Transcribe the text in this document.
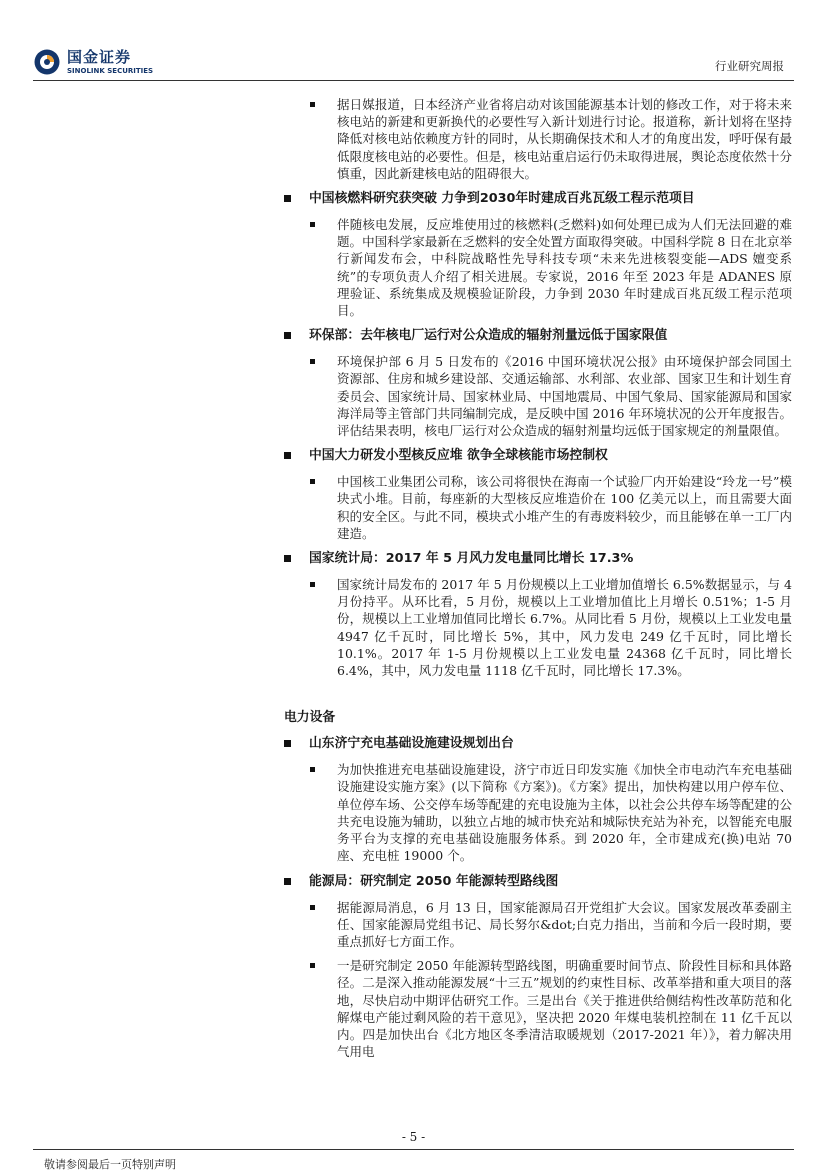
国金证券
SINOLINK SECURITIES	行业研究周报

据日媒报道，日本经济产业省将启动对该国能源基本计划的修改工作，对于将未来核电站的新建和更新换代的必要性写入新计划进行讨论。报道称，新计划将在坚持降低对核电站依赖度方针的同时，从长期确保技术和人才的角度出发，呼吁保有最低限度核电站的必要性。但是，核电站重启运行仍未取得进展，舆论态度依然十分慎重，因此新建核电站的阻碍很大。

中国核燃料研究获突破 力争到2030年时建成百兆瓦级工程示范项目

伴随核电发展，反应堆使用过的核燃料(乏燃料)如何处理已成为人们无法回避的难题。中国科学家最新在乏燃料的安全处置方面取得突破。中国科学院 8 日在北京举行新闻发布会，中科院战略性先导科技专项“未来先进核裂变能—ADS 嬗变系统”的专项负责人介绍了相关进展。专家说，2016 年至 2023 年是 ADANES 原理验证、系统集成及规模验证阶段，力争到 2030 年时建成百兆瓦级工程示范项目。

环保部：去年核电厂运行对公众造成的辐射剂量远低于国家限值

环境保护部 6 月 5 日发布的《2016 中国环境状况公报》由环境保护部会同国土资源部、住房和城乡建设部、交通运输部、水利部、农业部、国家卫生和计划生育委员会、国家统计局、国家林业局、中国地震局、中国气象局、国家能源局和国家海洋局等主管部门共同编制完成，是反映中国 2016 年环境状况的公开年度报告。评估结果表明，核电厂运行对公众造成的辐射剂量均远低于国家规定的剂量限值。

中国大力研发小型核反应堆 欲争全球核能市场控制权

中国核工业集团公司称，该公司将很快在海南一个试验厂内开始建设“玲龙一号”模块式小堆。目前，每座新的大型核反应堆造价在 100 亿美元以上，而且需要大面积的安全区。与此不同，模块式小堆产生的有毒废料较少，而且能够在单一工厂内建造。

国家统计局：2017 年 5 月风力发电量同比增长 17.3%

国家统计局发布的 2017 年 5 月份规模以上工业增加值增长 6.5%数据显示，与 4 月份持平。从环比看，5 月份，规模以上工业增加值比上月增长 0.51%；1-5 月份，规模以上工业增加值同比增长 6.7%。从同比看 5 月份，规模以上工业发电量 4947 亿千瓦时，同比增长 5%，其中，风力发电 249 亿千瓦时，同比增长 10.1%。2017 年 1-5 月份规模以上工业发电量 24368 亿千瓦时，同比增长 6.4%，其中，风力发电量 1118 亿千瓦时，同比增长 17.3%。

电力设备
山东济宁充电基础设施建设规划出台

为加快推进充电基础设施建设，济宁市近日印发实施《加快全市电动汽车充电基础设施建设实施方案》(以下简称《方案》)。《方案》提出，加快构建以用户停车位、单位停车场、公交停车场等配建的充电设施为主体，以社会公共停车场等配建的公共充电设施为辅助，以独立占地的城市快充站和城际快充站为补充，以智能充电服务平台为支撑的充电基础设施服务体系。到 2020 年，全市建成充(换)电站 70 座、充电桩 19000 个。

能源局：研究制定 2050 年能源转型路线图

据能源局消息，6 月 13 日，国家能源局召开党组扩大会议。国家发展改革委副主任、国家能源局党组书记、局长努尔&dot;白克力指出，当前和今后一段时期，要重点抓好七方面工作。

一是研究制定 2050 年能源转型路线图，明确重要时间节点、阶段性目标和具体路径。二是深入推动能源发展“十三五”规划的约束性目标、改革举措和重大项目的落地，尽快启动中期评估研究工作。三是出台《关于推进供给侧结构性改革防范和化解煤电产能过剩风险的若干意见》，坚决把 2020 年煤电装机控制在 11 亿千瓦以内。四是加快出台《北方地区冬季清洁取暖规划（2017-2021 年）》，着力解决用气用电

- 5 -
敬请参阅最后一页特别声明
